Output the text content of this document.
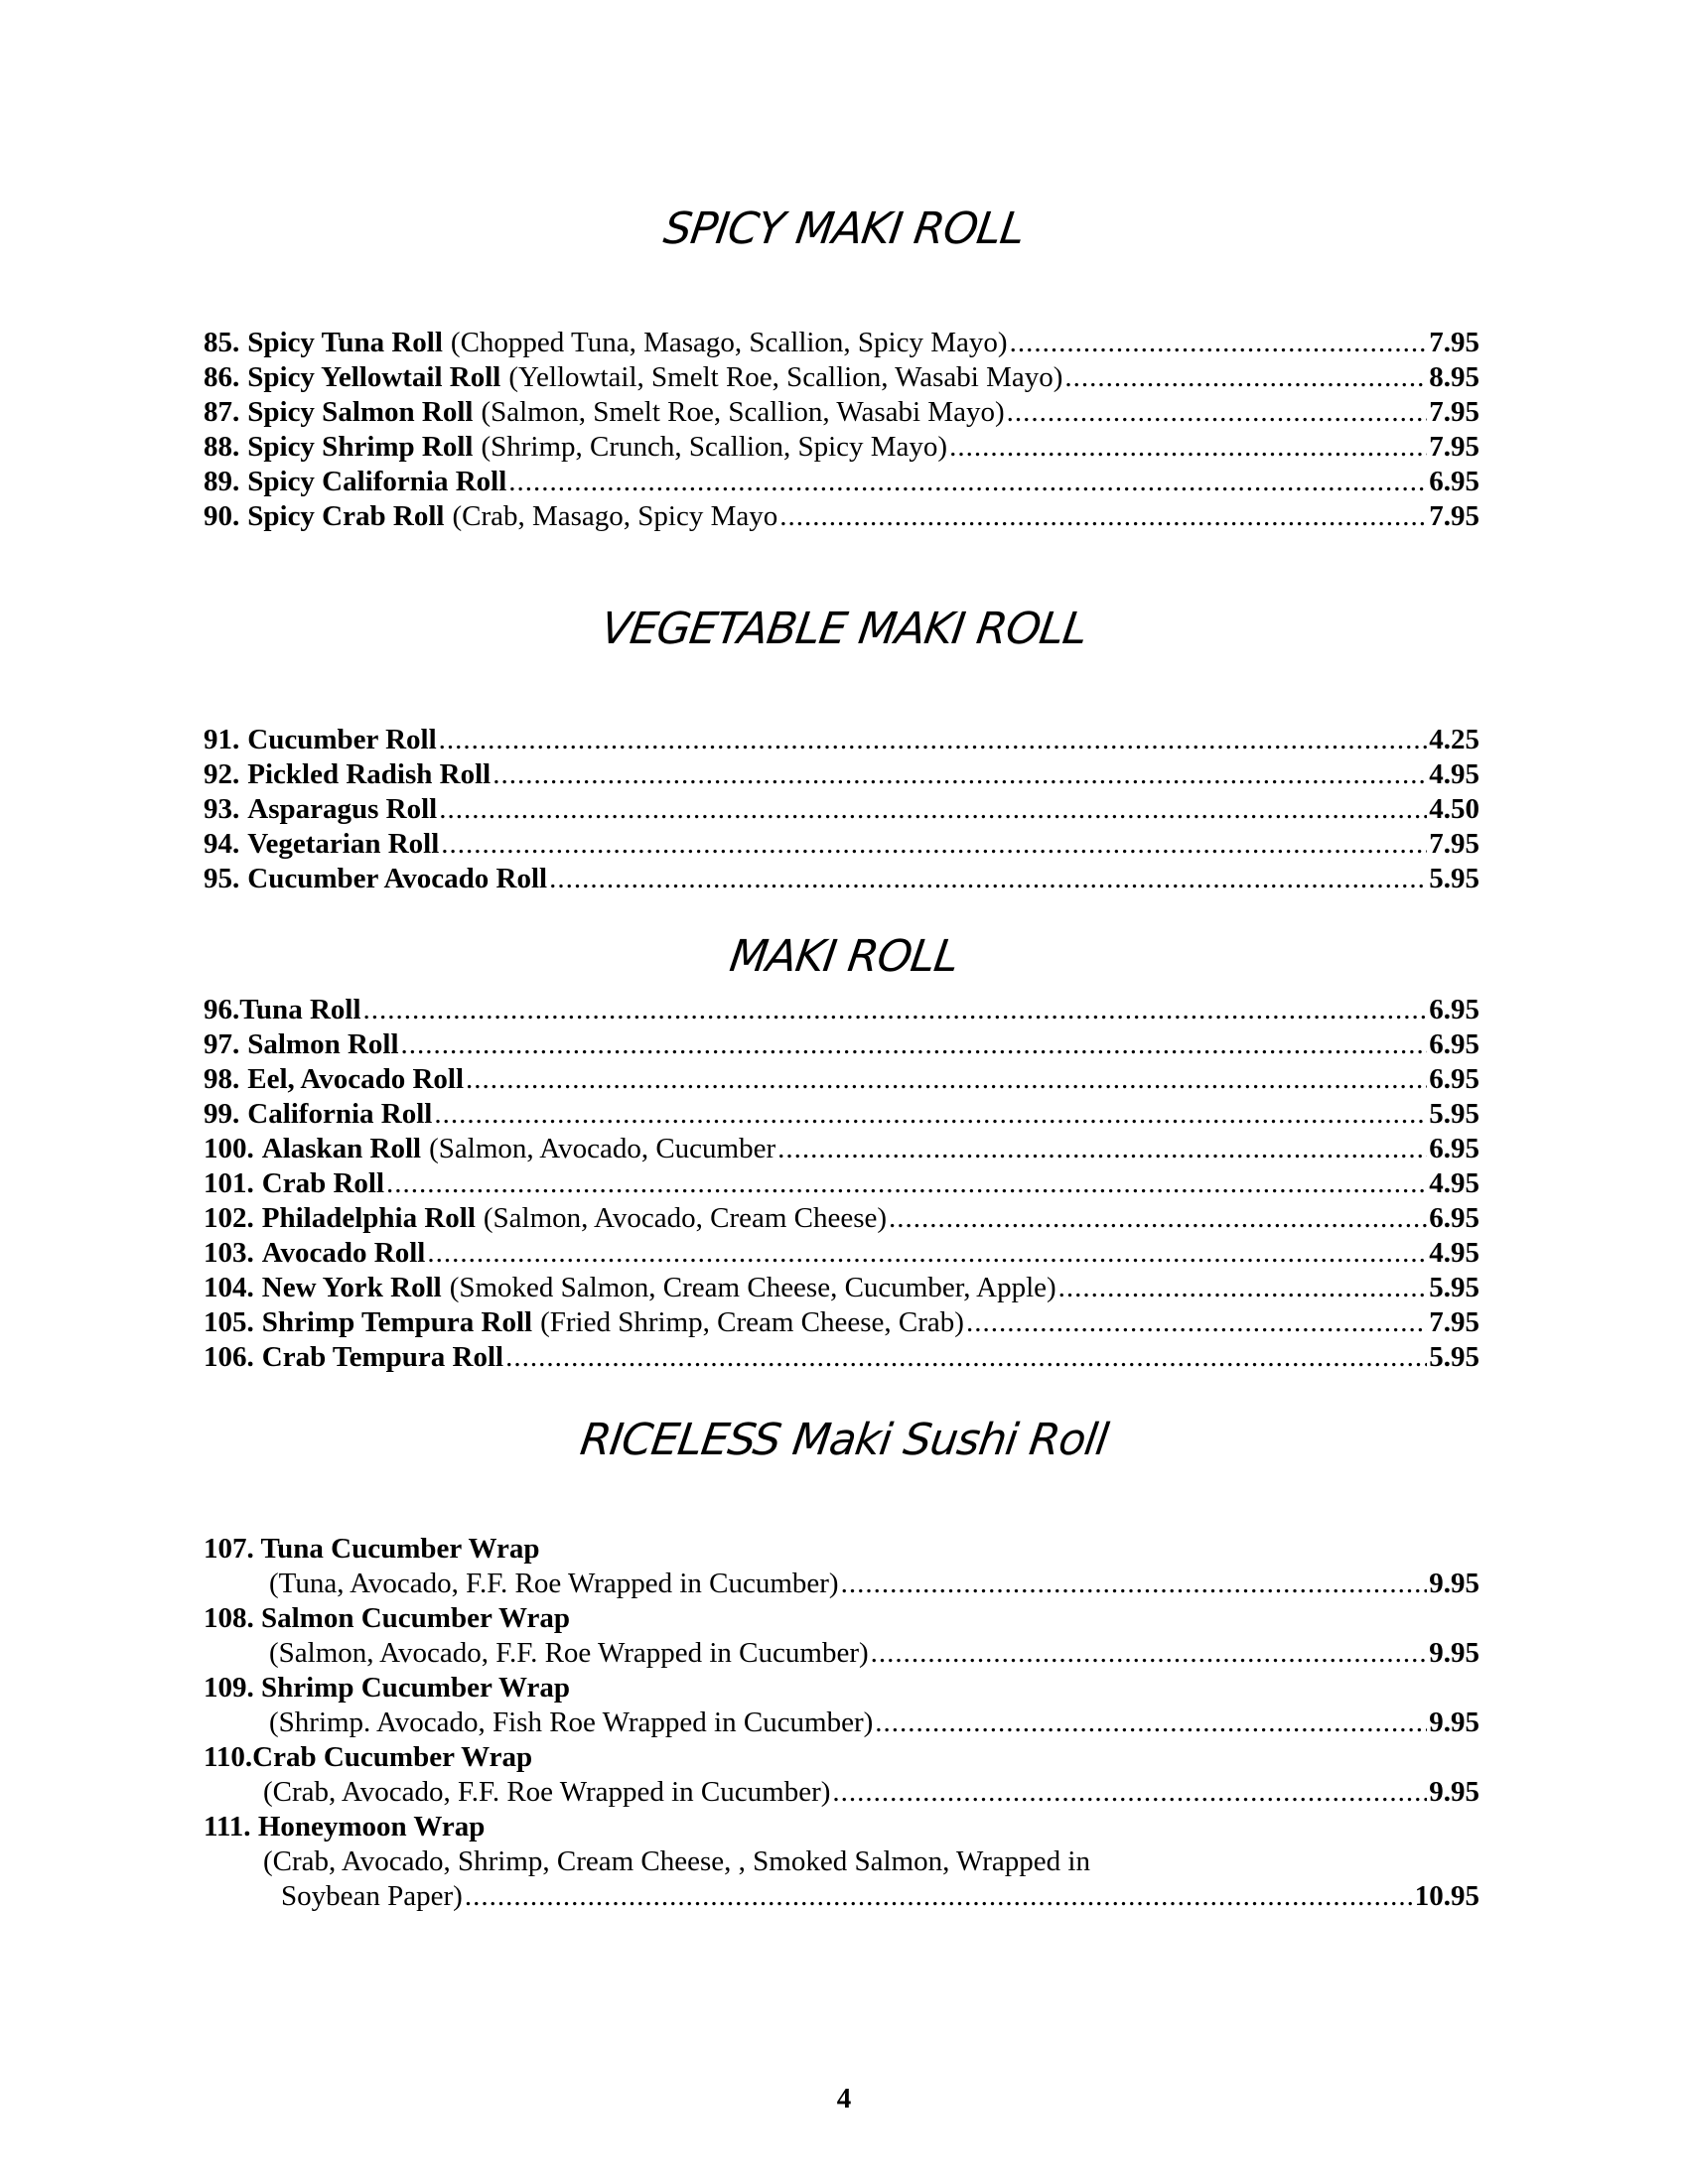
SPICY MAKI ROLL
85. Spicy Tuna Roll (Chopped Tuna, Masago, Scallion, Spicy Mayo) .....	7.95
86. Spicy Yellowtail Roll (Yellowtail, Smelt Roe, Scallion, Wasabi Mayo) .....	8.95
87. Spicy Salmon Roll (Salmon, Smelt Roe, Scallion, Wasabi Mayo) .....	7.95
88. Spicy Shrimp Roll (Shrimp, Crunch, Scallion, Spicy Mayo) .....	7.95
89. Spicy California Roll .....	6.95
90. Spicy Crab Roll (Crab, Masago, Spicy Mayo .....	7.95
VEGETABLE MAKI ROLL
91. Cucumber Roll .....	4.25
92. Pickled Radish Roll .....	4.95
93. Asparagus Roll .....	4.50
94. Vegetarian Roll .....	7.95
95. Cucumber Avocado Roll .....	5.95
MAKI ROLL
96. Tuna Roll .....	6.95
97. Salmon Roll .....	6.95
98. Eel, Avocado Roll .....	6.95
99. California Roll .....	5.95
100. Alaskan Roll (Salmon, Avocado, Cucumber .....	6.95
101. Crab Roll .....	4.95
102. Philadelphia Roll (Salmon, Avocado, Cream Cheese) .....	6.95
103. Avocado Roll .....	4.95
104. New York Roll (Smoked Salmon, Cream Cheese, Cucumber, Apple) .....	5.95
105. Shrimp Tempura Roll (Fried Shrimp, Cream Cheese, Crab) .....	7.95
106. Crab Tempura Roll .....	5.95
RICELESS Maki Sushi Roll
107. Tuna Cucumber Wrap
(Tuna, Avocado, F.F. Roe Wrapped in Cucumber) .....	9.95
108. Salmon Cucumber Wrap
(Salmon, Avocado, F.F. Roe Wrapped in Cucumber) .....	9.95
109. Shrimp Cucumber Wrap
(Shrimp. Avocado, Fish Roe Wrapped in Cucumber) .....	9.95
110.Crab Cucumber Wrap
(Crab, Avocado, F.F. Roe Wrapped in Cucumber) .....	9.95
111. Honeymoon Wrap
(Crab, Avocado, Shrimp, Cream Cheese, , Smoked Salmon, Wrapped in
Soybean Paper) .....	10.95
4
